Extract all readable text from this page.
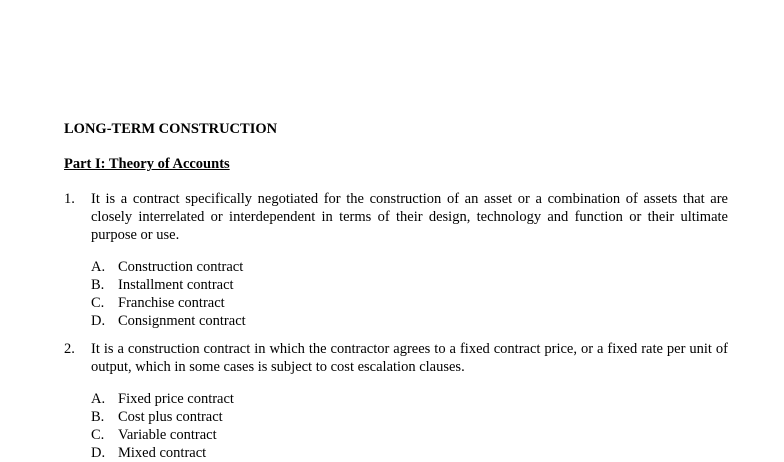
LONG-TERM CONSTRUCTION
Part I: Theory of Accounts
1.	It is a contract specifically negotiated for the construction of an asset or a combination of assets that are closely interrelated or interdependent in terms of their design, technology and function or their ultimate purpose or use.
A. Construction contract
B. Installment contract
C. Franchise contract
D. Consignment contract
2.	It is a construction contract in which the contractor agrees to a fixed contract price, or a fixed rate per unit of output, which in some cases is subject to cost escalation clauses.
A. Fixed price contract
B. Cost plus contract
C. Variable contract
D. Mixed contract
